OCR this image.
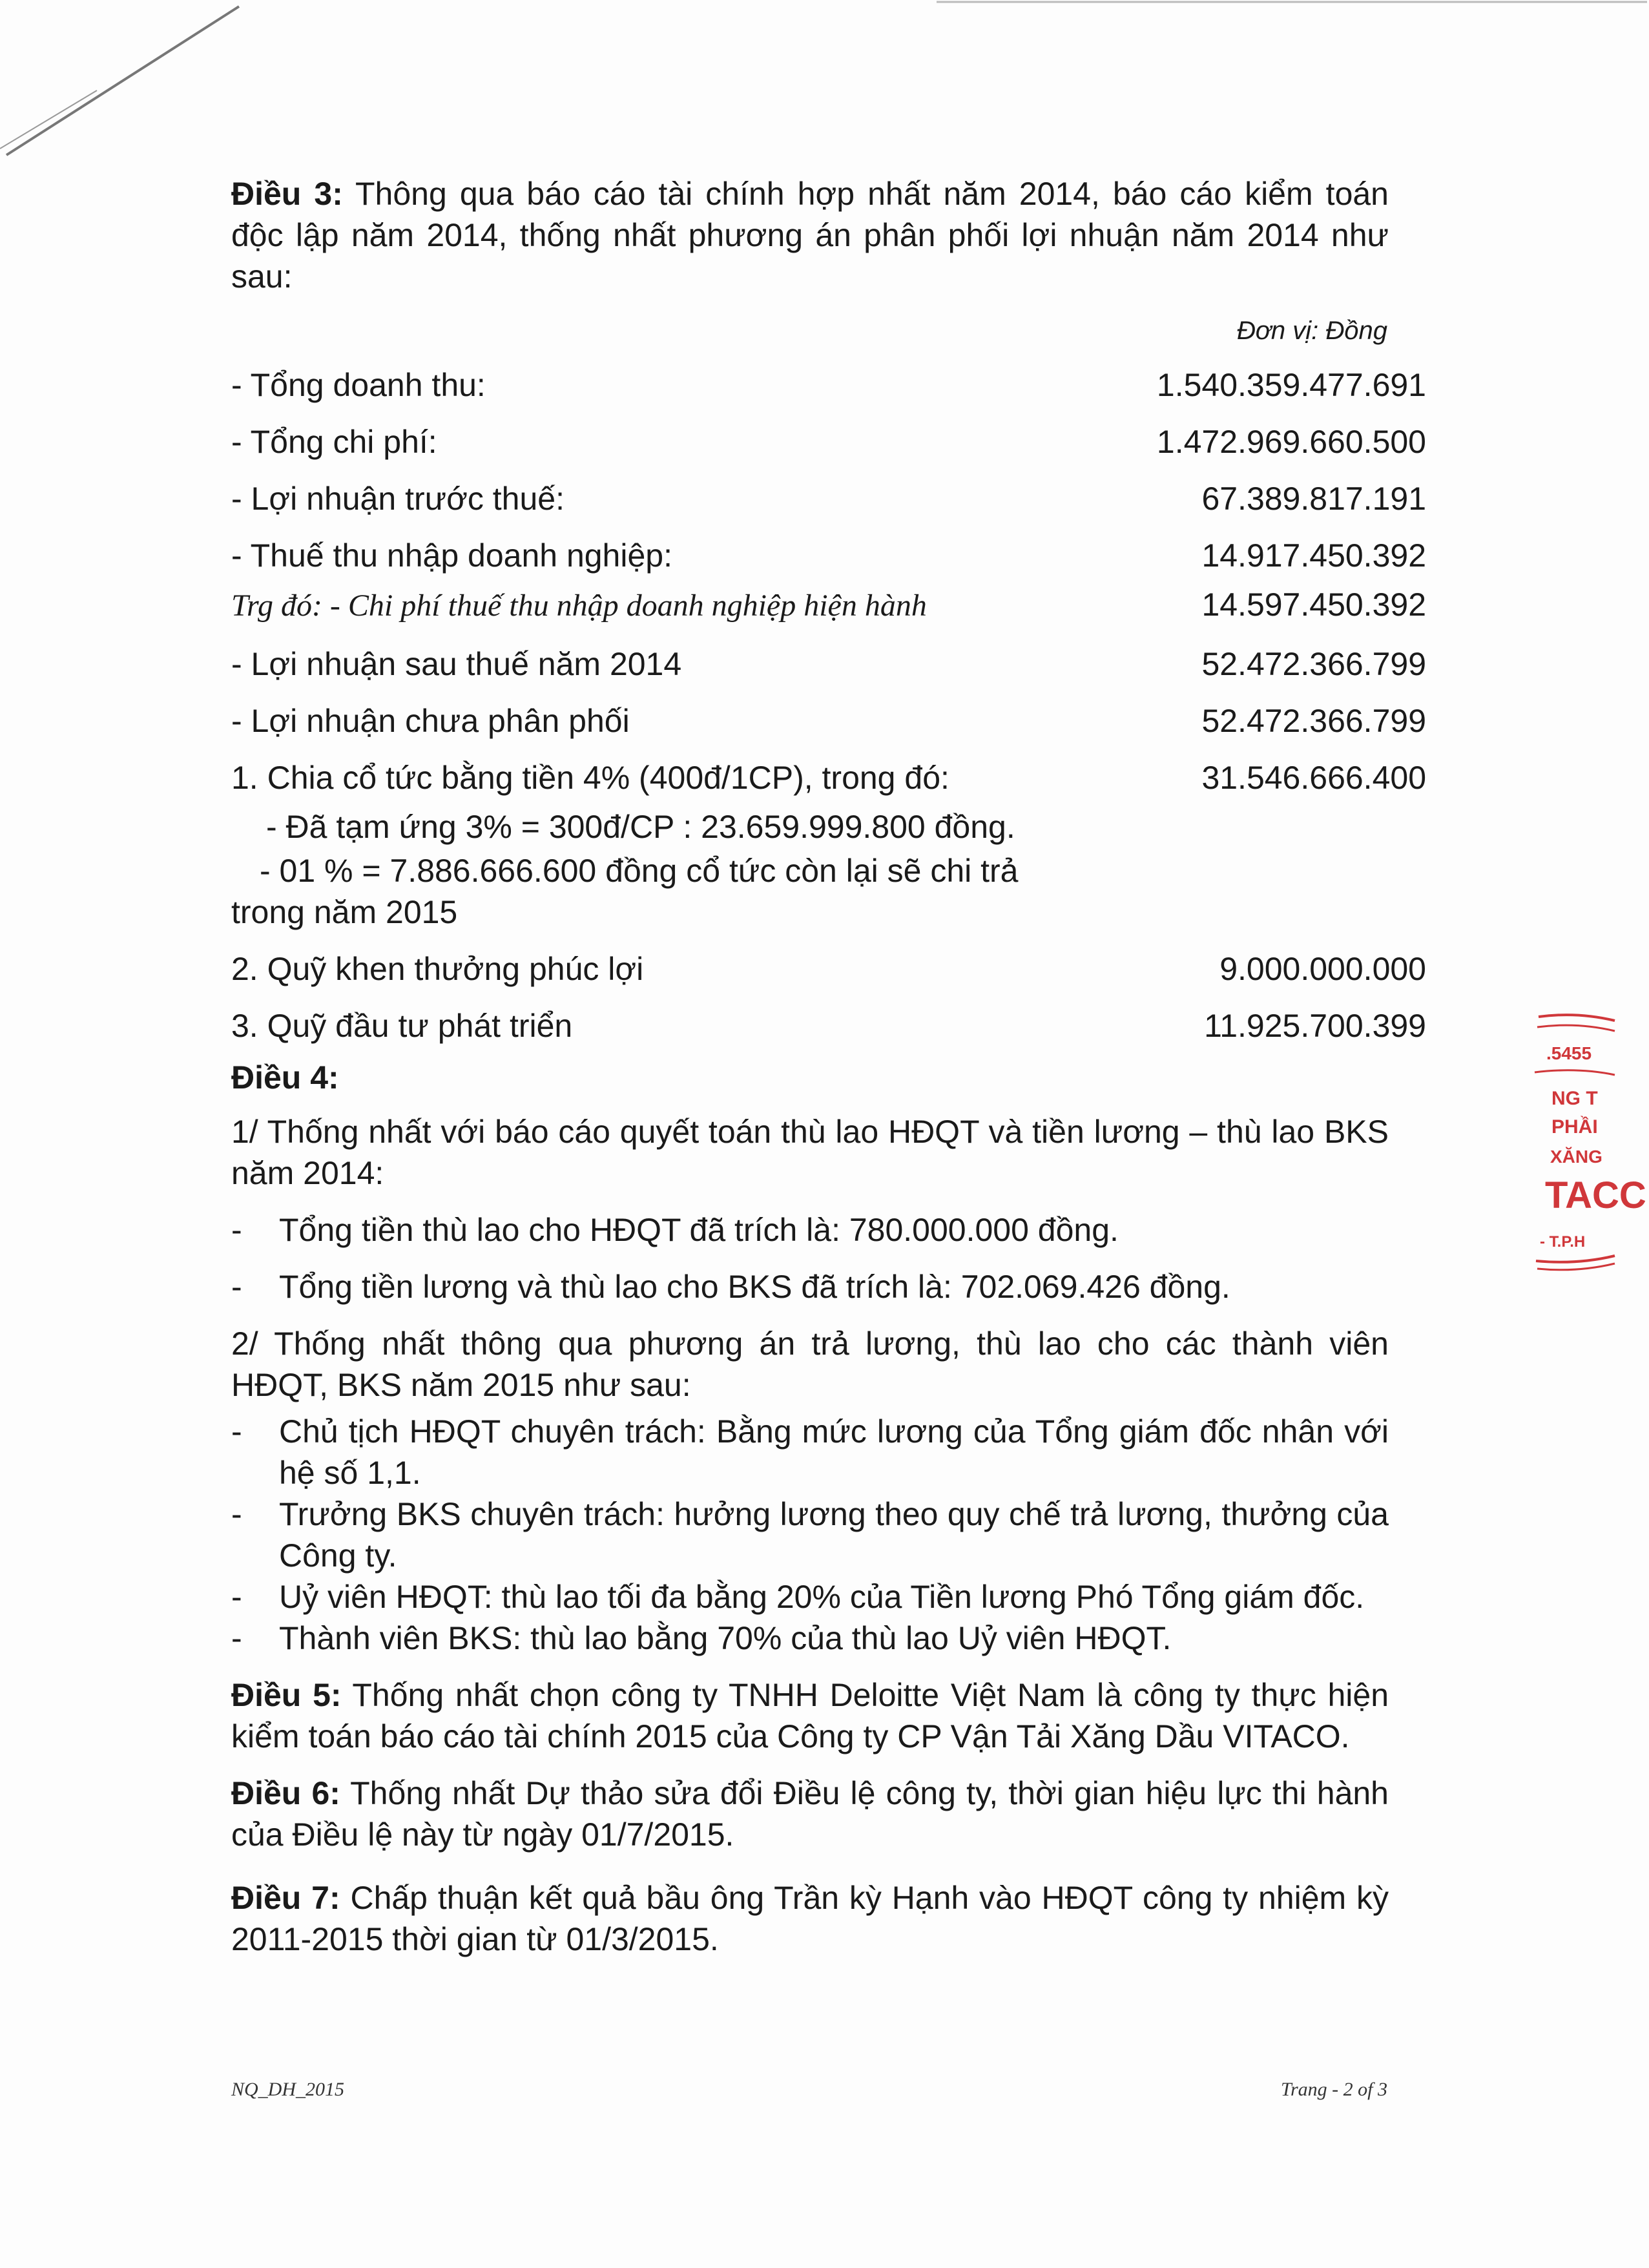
Điều 3: Thông qua báo cáo tài chính hợp nhất năm 2014, báo cáo kiểm toán độc lập năm 2014, thống nhất phương án phân phối lợi nhuận năm 2014 như sau:

Đơn vị: Đồng
- Tổng doanh thu:	1.540.359.477.691
- Tổng chi phí:	1.472.969.660.500
- Lợi nhuận trước thuế:	67.389.817.191
- Thuế thu nhập doanh nghiệp:	14.917.450.392
Trg đó: - Chi phí thuế thu nhập doanh nghiệp hiện hành	14.597.450.392
- Lợi nhuận sau thuế năm 2014	52.472.366.799
- Lợi nhuận chưa phân phối	52.472.366.799
1. Chia cổ tức bằng tiền 4% (400đ/1CP), trong đó:	31.546.666.400
- Đã tạm ứng 3% = 300đ/CP : 23.659.999.800 đồng.
- 01 % = 7.886.666.600 đồng cổ tức còn lại sẽ chi trả
trong năm 2015
2. Quỹ khen thưởng phúc lợi	9.000.000.000
3. Quỹ đầu tư phát triển	11.925.700.399

Điều 4:

1/ Thống nhất với báo cáo quyết toán thù lao HĐQT và tiền lương – thù lao BKS năm 2014:

-	Tổng tiền thù lao cho HĐQT đã trích là: 780.000.000 đồng.
-	Tổng tiền lương và thù lao cho BKS đã trích là: 702.069.426 đồng.

2/ Thống nhất thông qua phương án trả lương, thù lao cho các thành viên HĐQT, BKS năm 2015 như sau:

-	Chủ tịch HĐQT chuyên trách: Bằng mức lương của Tổng giám đốc nhân với hệ số 1,1.
-	Trưởng BKS chuyên trách: hưởng lương theo quy chế trả lương, thưởng của Công ty.
-	Uỷ viên HĐQT: thù lao tối đa bằng 20% của Tiền lương Phó Tổng giám đốc.
-	Thành viên BKS: thù lao bằng 70% của thù lao Uỷ viên HĐQT.

Điều 5: Thống nhất chọn công ty TNHH Deloitte Việt Nam là công ty thực hiện kiểm toán báo cáo tài chính 2015 của Công ty CP Vận Tải Xăng Dầu VITACO.

Điều 6: Thống nhất Dự thảo sửa đổi Điều lệ công ty, thời gian hiệu lực thi hành của Điều lệ này từ ngày 01/7/2015.

Điều 7: Chấp thuận kết quả bầu ông Trần kỳ Hạnh vào HĐQT công ty nhiệm kỳ 2011-2015 thời gian từ 01/3/2015.

NQ_DH_2015	Trang - 2 of 3
.5455
NG T
PHẦI
XĂNG
TACC
- T.P.H
